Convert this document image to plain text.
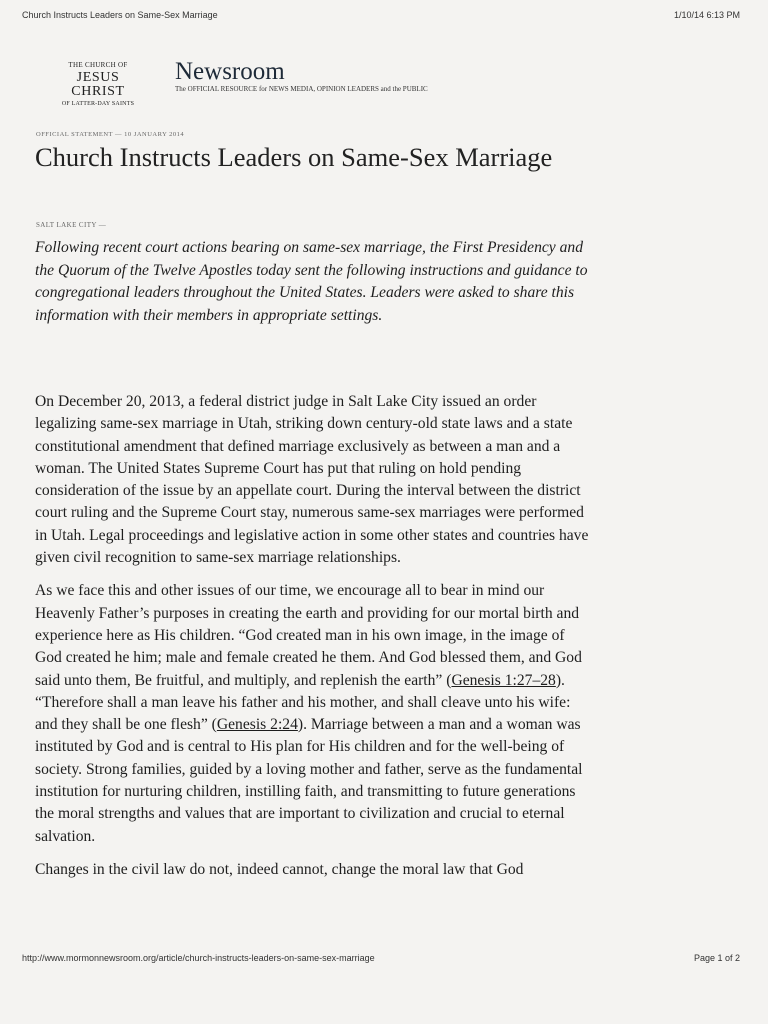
Church Instructs Leaders on Same-Sex Marriage	1/10/14 6:13 PM
THE CHURCH OF
JESUS CHRIST
OF LATTER-DAY SAINTS
Newsroom
The OFFICIAL RESOURCE for NEWS MEDIA, OPINION LEADERS and the PUBLIC
OFFICIAL STATEMENT — 10 JANUARY 2014
Church Instructs Leaders on Same-Sex Marriage
SALT LAKE CITY —

Following recent court actions bearing on same-sex marriage, the First Presidency and the Quorum of the Twelve Apostles today sent the following instructions and guidance to congregational leaders throughout the United States. Leaders were asked to share this information with their members in appropriate settings.

On December 20, 2013, a federal district judge in Salt Lake City issued an order legalizing same-sex marriage in Utah, striking down century-old state laws and a state constitutional amendment that defined marriage exclusively as between a man and a woman. The United States Supreme Court has put that ruling on hold pending consideration of the issue by an appellate court. During the interval between the district court ruling and the Supreme Court stay, numerous same-sex marriages were performed in Utah. Legal proceedings and legislative action in some other states and countries have given civil recognition to same-sex marriage relationships.

As we face this and other issues of our time, we encourage all to bear in mind our Heavenly Father’s purposes in creating the earth and providing for our mortal birth and experience here as His children. “God created man in his own image, in the image of God created he him; male and female created he them. And God blessed them, and God said unto them, Be fruitful, and multiply, and replenish the earth” (Genesis 1:27–28). “Therefore shall a man leave his father and his mother, and shall cleave unto his wife: and they shall be one flesh” (Genesis 2:24). Marriage between a man and a woman was instituted by God and is central to His plan for His children and for the well-being of society. Strong families, guided by a loving mother and father, serve as the fundamental institution for nurturing children, instilling faith, and transmitting to future generations the moral strengths and values that are important to civilization and crucial to eternal salvation.

Changes in the civil law do not, indeed cannot, change the moral law that God

http://www.mormonnewsroom.org/article/church-instructs-leaders-on-same-sex-marriage	Page 1 of 2
